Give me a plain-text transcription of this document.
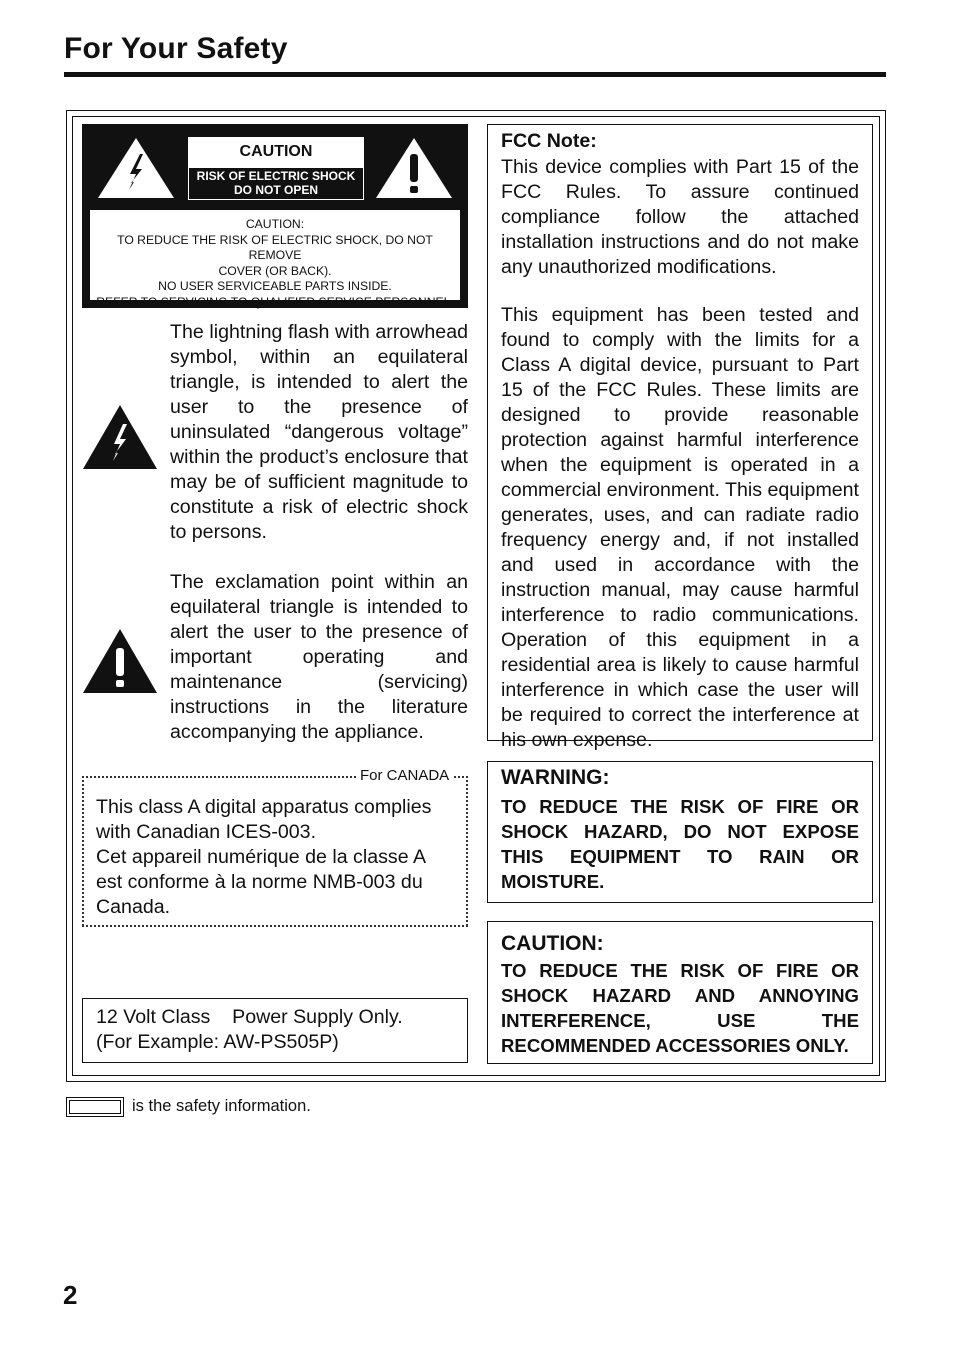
For Your Safety
CAUTION
RISK OF ELECTRIC SHOCK
DO NOT OPEN
CAUTION:
TO REDUCE THE RISK OF ELECTRIC SHOCK, DO NOT REMOVE
COVER (OR BACK).
NO USER SERVICEABLE PARTS INSIDE.
REFER TO SERVICING TO QUALIFIED SERVICE PERSONNEL.
The lightning flash with arrowhead symbol, within an equilateral triangle, is intended to alert the user to the presence of uninsulated “dangerous voltage” within the product’s enclosure that may be of sufficient magnitude to constitute a risk of electric shock to persons.
The exclamation point within an equilateral triangle is intended to alert the user to the presence of important operating and maintenance (servicing) instructions in the literature accompanying the appliance.
FCC Note:
This device complies with Part 15 of the FCC Rules. To assure continued compliance follow the attached installation instructions and do not make any unauthorized modifications.
This equipment has been tested and found to comply with the limits for a Class A digital device, pursuant to Part 15 of the FCC Rules. These limits are designed to provide reasonable protection against harmful interference when the equipment is operated in a commercial environment. This equipment generates, uses, and can radiate radio frequency energy and, if not installed and used in accordance with the instruction manual, may cause harmful interference to radio communications. Operation of this equipment in a residential area is likely to cause harmful interference in which case the user will be required to correct the interference at his own expense.
For CANADA
This class A digital apparatus complies
with Canadian ICES-003.
Cet appareil numérique de la classe A
est conforme à la norme NMB-003 du
Canada.
WARNING:
TO REDUCE THE RISK OF FIRE OR SHOCK HAZARD, DO NOT EXPOSE THIS EQUIPMENT TO RAIN OR MOISTURE.
CAUTION:
TO REDUCE THE RISK OF FIRE OR SHOCK HAZARD AND ANNOYING INTERFERENCE, USE THE RECOMMENDED ACCESSORIES ONLY.
12 Volt Class    Power Supply Only.
(For Example: AW-PS505P)
is the safety information.
2
